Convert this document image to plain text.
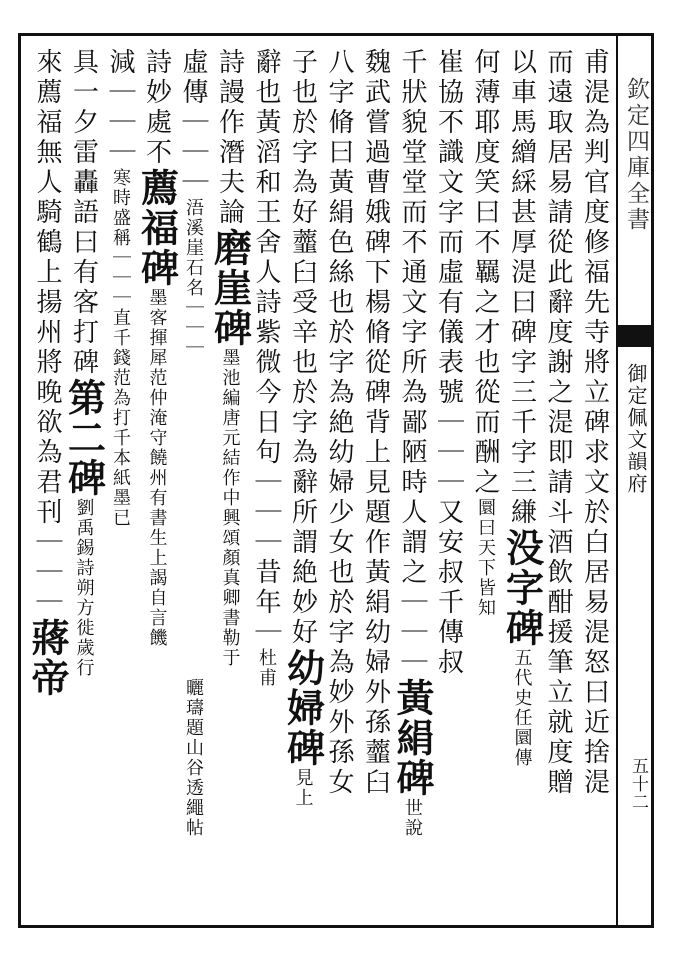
欽定四庫全書
御定佩文韻府
五十二
甫湜為判官度修福先寺將立碑求文於白居易湜怒曰近捨湜
而遠取居易請從此辭度謝之湜即請斗酒飲酣援筆立就度贈
以車馬繒綵甚厚湜曰碑字三千字三縑没字碑五代史任圜傳
何薄耶度笑曰不羈之才也從而酬之圜曰天下皆知
崔協不識文字而虛有儀表號｜｜｜又安叔千傳叔
千狀貌堂堂而不通文字所為鄙陋時人謂之｜｜｜黃絹碑世說
魏武嘗過曹娥碑下楊脩從碑背上見題作黃絹幼婦外孫虀臼
八字脩曰黃絹色絲也於字為絶幼婦少女也於字為妙外孫女
子也於字為好虀臼受辛也於字為辭所謂絶妙好幼婦碑見上
辭也黃滔和王舍人詩紫微今日句｜｜｜昔年｜杜甫
詩謾作潛夫論磨崖碑墨池編唐元結作中興頌顏真卿書勒于
虛傳｜｜｜浯溪崖石名｜｜｜　　　　　　　　　　　　　　　　曬璹題山谷透繩帖
詩妙處不薦福碑墨客揮犀范仲淹守饒州有書生上謁自言饑
減｜｜｜寒時盛稱｜｜｜直千錢范為打千本紙墨已
具一夕雷轟語曰有客打碑第二碑劉禹錫詩朔方徙歲行
來薦福無人騎鶴上揚州將晚欲為君刊｜｜｜蔣帝
